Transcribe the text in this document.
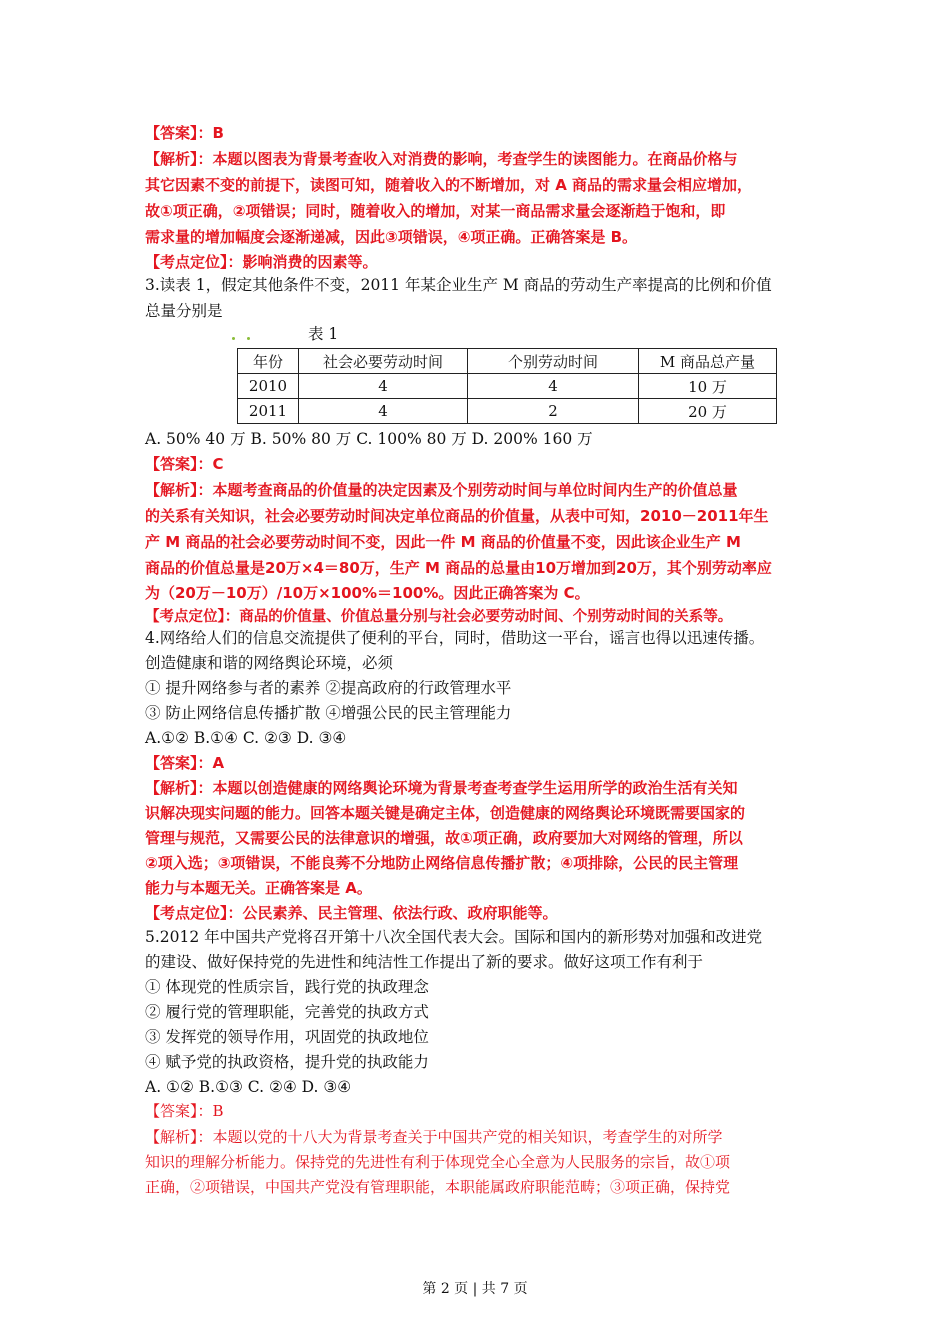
【答案】：B
【解析】：本题以图表为背景考查收入对消费的影响，考查学生的读图能力。在商品价格与
其它因素不变的前提下，读图可知，随着收入的不断增加，对 A 商品的需求量会相应增加，
故①项正确，②项错误；同时，随着收入的增加，对某一商品需求量会逐渐趋于饱和，即
需求量的增加幅度会逐渐递减，因此③项错误，④项正确。正确答案是 B。
【考点定位】：影响消费的因素等。
3.读表 1，假定其他条件不变，2011 年某企业生产 M 商品的劳动生产率提高的比例和价值
总量分别是
表 1
年份	社会必要劳动时间	个别劳动时间	M 商品总产量
2010	4	4	10 万
2011	4	2	20 万
A. 50% 40 万 B. 50% 80 万 C. 100% 80 万 D. 200% 160 万
【答案】：C
【解析】：本题考查商品的价值量的决定因素及个别劳动时间与单位时间内生产的价值总量
的关系有关知识，社会必要劳动时间决定单位商品的价值量，从表中可知，2010－2011年生
产 M 商品的社会必要劳动时间不变，因此一件 M 商品的价值量不变，因此该企业生产 M
商品的价值总量是20万×4＝80万，生产 M 商品的总量由10万增加到20万，其个别劳动率应
为（20万－10万）/10万×100%＝100%。因此正确答案为 C。
【考点定位】：商品的价值量、价值总量分别与社会必要劳动时间、个别劳动时间的关系等。
4.网络给人们的信息交流提供了便利的平台，同时，借助这一平台，谣言也得以迅速传播。
创造健康和谐的网络舆论环境，必须
① 提升网络参与者的素养 ②提高政府的行政管理水平
③ 防止网络信息传播扩散 ④增强公民的民主管理能力
A.①② B.①④ C. ②③ D. ③④
【答案】：A
【解析】：本题以创造健康的网络舆论环境为背景考查考查学生运用所学的政治生活有关知
识解决现实问题的能力。回答本题关键是确定主体，创造健康的网络舆论环境既需要国家的
管理与规范，又需要公民的法律意识的增强，故①项正确，政府要加大对网络的管理，所以
②项入选；③项错误，不能良莠不分地防止网络信息传播扩散；④项排除，公民的民主管理
能力与本题无关。正确答案是 A。
【考点定位】：公民素养、民主管理、依法行政、政府职能等。
5.2012 年中国共产党将召开第十八次全国代表大会。国际和国内的新形势对加强和改进党
的建设、做好保持党的先进性和纯洁性工作提出了新的要求。做好这项工作有利于
① 体现党的性质宗旨，践行党的执政理念
② 履行党的管理职能，完善党的执政方式
③ 发挥党的领导作用，巩固党的执政地位
④ 赋予党的执政资格，提升党的执政能力
A. ①② B.①③ C. ②④ D. ③④
【答案】：B
【解析】：本题以党的十八大为背景考查关于中国共产党的相关知识，考查学生的对所学
知识的理解分析能力。保持党的先进性有利于体现党全心全意为人民服务的宗旨，故①项
正确，②项错误，中国共产党没有管理职能，本职能属政府职能范畴；③项正确，保持党
第 2 页 | 共 7 页
